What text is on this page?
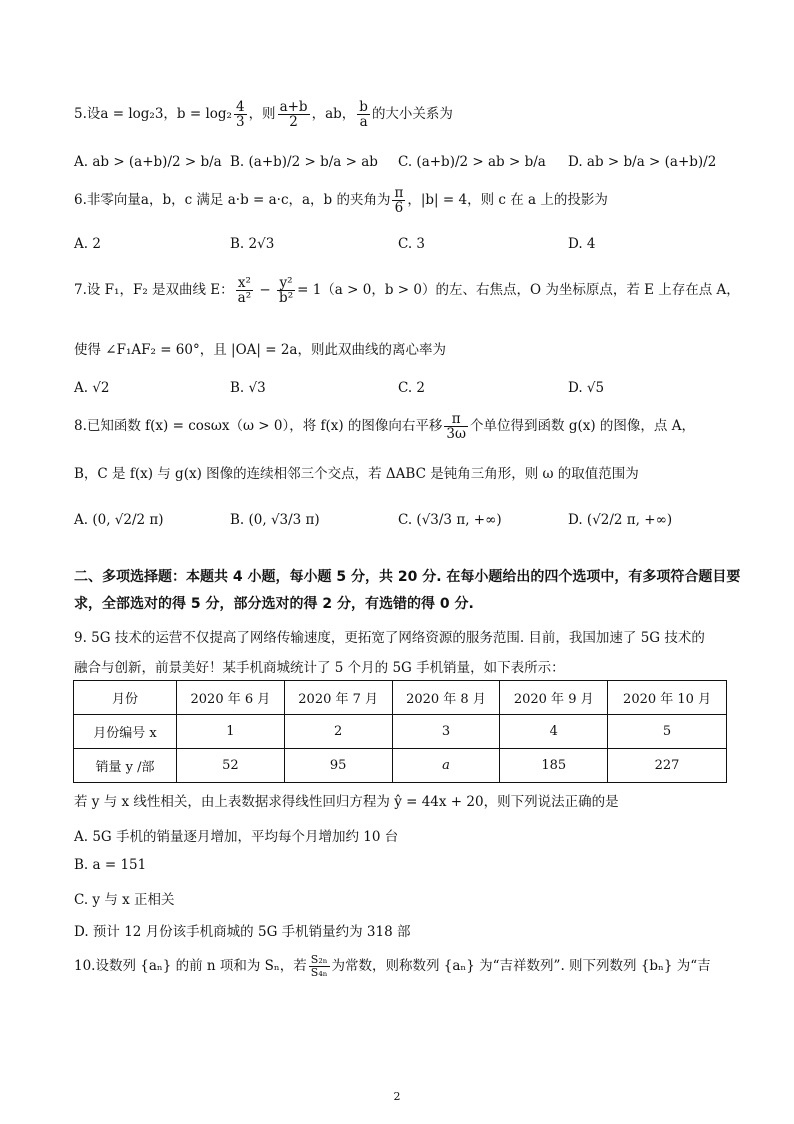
5.设a = log₂3，$b = \log_2 \frac{4}{3}$ ，则 $\frac{a+b}{2}$ ，ab， $\frac{b}{a}$ 的大小关系为
A. ab > (a+b)/2 > b/a B. (a+b)/2 > b/a > ab C. (a+b)/2 > ab > b/a D. ab > b/a > (a+b)/2
6.非零向量a，b，c 满足 a·b = a·c，a，b 的夹角为 $\frac{\pi}{6}$ ，|b| = 4，则 c 在 a 上的投影为
A. 2	B. 2√3	C. 3	D. 4
7.设 F₁，F₂ 是双曲线 E： $\frac{\text{x²}}{\text{a²}} - \frac{\text{y²}}{\text{b²}} = 1(a > 0$，b > 0）的左、右焦点，O 为坐标原点，若 E 上存在点 A，
使得 ∠F₁AF₂ = 60°，且 |OA| = 2a，则此双曲线的离心率为
A. √2	B. √3	C. 2	D. √5
8.已知函数 f(x) = cosωx（ω > 0），将 f(x) 的图像向右平移 $\frac{\pi}{3\omega}$ 个单位得到函数 g(x) 的图像，点 A，
B，C 是 f(x) 与 g(x) 图像的连续相邻三个交点，若 ΔABC 是钝角三角形，则 ω 的取值范围为
A. (0, √2/2 π)	B. (0, √3/3 π)	C. (√3/3 π, +∞)	D. (√2/2 π, +∞)
二、多项选择题：本题共 4 小题，每小题 5 分，共 20 分. 在每小题给出的四个选项中，有多项符合题目要
求，全部选对的得 5 分，部分选对的得 2 分，有选错的得 0 分.
9. 5G 技术的运营不仅提高了网络传输速度，更拓宽了网络资源的服务范围. 目前，我国加速了 5G 技术的
融合与创新，前景美好！某手机商城统计了 5 个月的 5G 手机销量，如下表所示：
月份	2020 年 6 月	2020 年 7 月	2020 年 8 月	2020 年 9 月	2020 年 10 月
月份编号 x	1	2	3	4	5
销量 y /部	52	95	a	185	227
若 y 与 x 线性相关，由上表数据求得线性回归方程为 ŷ = 44x + 20，则下列说法正确的是
A. 5G 手机的销量逐月增加，平均每个月增加约 10 台
B. a = 151
C. y 与 x 正相关
D. 预计 12 月份该手机商城的 5G 手机销量约为 318 部
10.设数列 {aₙ} 的前 n 项和为 Sₙ，若 $\frac{\text{S₂ₙ}}{\text{S₄ₙ}}$ 为常数，则称数列 {aₙ} 为“吉祥数列”. 则下列数列 {bₙ} 为“吉
2
